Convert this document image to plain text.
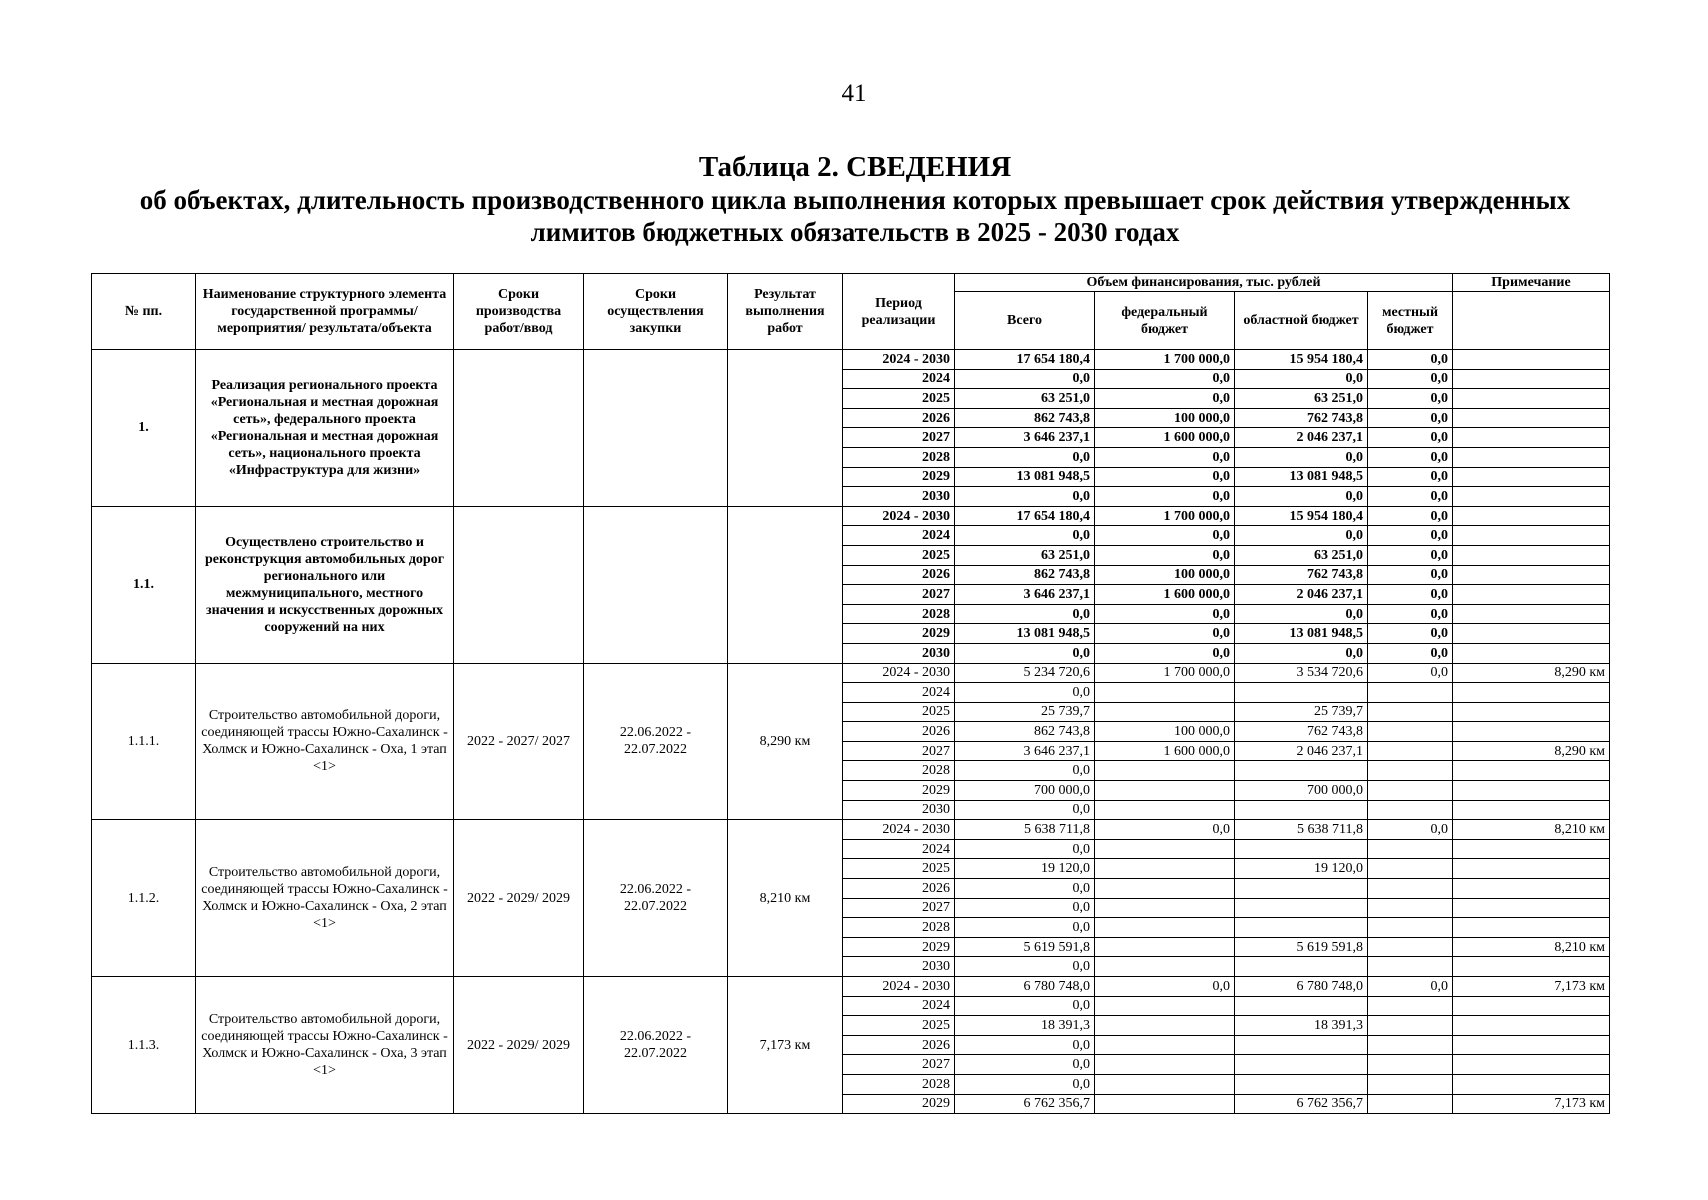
41
Таблица 2. СВЕДЕНИЯ
об объектах, длительность производственного цикла выполнения которых превышает срок действия утвержденных
лимитов бюджетных обязательств в 2025 - 2030 годах
№ пп.	Наименование структурного элемента государственной программы/мероприятия/ результата/объекта	Сроки производства работ/ввод	Сроки осуществления закупки	Результат выполнения работ	Период реализации	Объем финансирования, тыс. рублей				Примечание
						Всего	федеральный бюджет	областной бюджет	местный бюджет	
1.	Реализация регионального проекта «Региональная и местная дорожная сеть», федерального проекта «Региональная и местная дорожная сеть», национального проекта «Инфраструктура для жизни»				2024 - 2030	17 654 180,4	1 700 000,0	15 954 180,4	0,0	
					2024	0,0	0,0	0,0	0,0	
					2025	63 251,0	0,0	63 251,0	0,0	
					2026	862 743,8	100 000,0	762 743,8	0,0	
					2027	3 646 237,1	1 600 000,0	2 046 237,1	0,0	
					2028	0,0	0,0	0,0	0,0	
					2029	13 081 948,5	0,0	13 081 948,5	0,0	
					2030	0,0	0,0	0,0	0,0	
1.1.	Осуществлено строительство и реконструкция автомобильных дорог регионального или межмуниципального, местного значения и искусственных дорожных сооружений на них				2024 - 2030	17 654 180,4	1 700 000,0	15 954 180,4	0,0	
					2024	0,0	0,0	0,0	0,0	
					2025	63 251,0	0,0	63 251,0	0,0	
					2026	862 743,8	100 000,0	762 743,8	0,0	
					2027	3 646 237,1	1 600 000,0	2 046 237,1	0,0	
					2028	0,0	0,0	0,0	0,0	
					2029	13 081 948,5	0,0	13 081 948,5	0,0	
					2030	0,0	0,0	0,0	0,0	
1.1.1.	Строительство автомобильной дороги, соединяющей трассы Южно-Сахалинск - Холмск и Южно-Сахалинск - Оха, 1 этап <1>	2022 - 2027/ 2027	22.06.2022 - 22.07.2022	8,290 км	2024 - 2030	5 234 720,6	1 700 000,0	3 534 720,6	0,0	8,290 км
					2024	0,0				
					2025	25 739,7		25 739,7		
					2026	862 743,8	100 000,0	762 743,8		
					2027	3 646 237,1	1 600 000,0	2 046 237,1		8,290 км
					2028	0,0				
					2029	700 000,0		700 000,0		
					2030	0,0				
1.1.2.	Строительство автомобильной дороги, соединяющей трассы Южно-Сахалинск - Холмск и Южно-Сахалинск - Оха, 2 этап <1>	2022 - 2029/ 2029	22.06.2022 - 22.07.2022	8,210 км	2024 - 2030	5 638 711,8	0,0	5 638 711,8	0,0	8,210 км
					2024	0,0				
					2025	19 120,0		19 120,0		
					2026	0,0				
					2027	0,0				
					2028	0,0				
					2029	5 619 591,8		5 619 591,8		8,210 км
					2030	0,0				
1.1.3.	Строительство автомобильной дороги, соединяющей трассы Южно-Сахалинск - Холмск и Южно-Сахалинск - Оха, 3 этап <1>	2022 - 2029/ 2029	22.06.2022 - 22.07.2022	7,173 км	2024 - 2030	6 780 748,0	0,0	6 780 748,0	0,0	7,173 км
					2024	0,0				
					2025	18 391,3		18 391,3		
					2026	0,0				
					2027	0,0				
					2028	0,0				
					2029	6 762 356,7		6 762 356,7		7,173 км
